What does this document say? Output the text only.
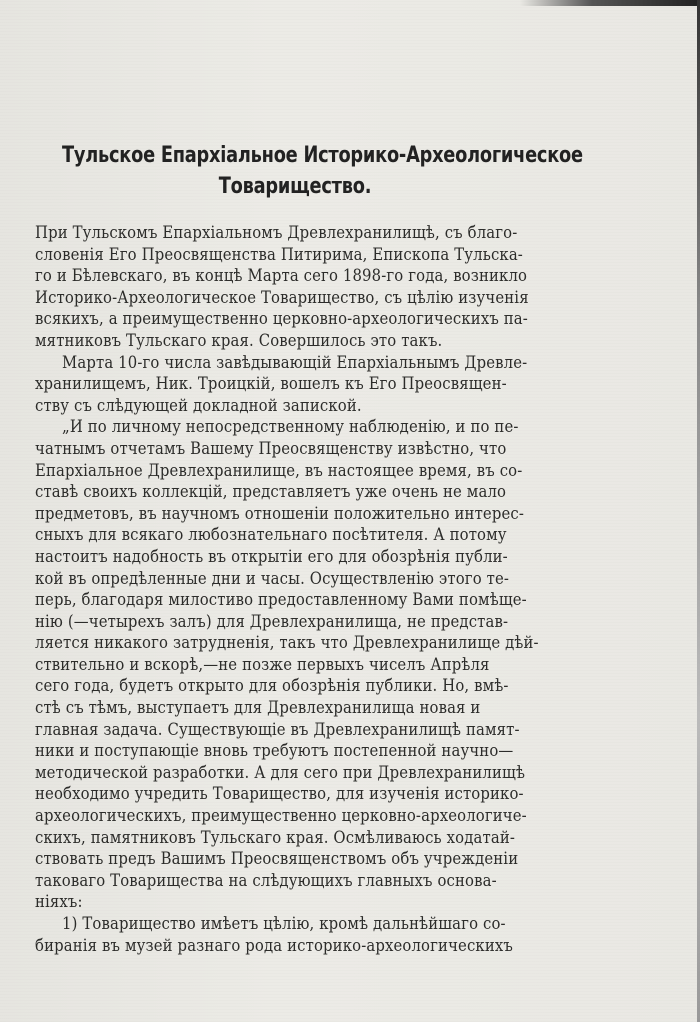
Тульское Епархіальное Историко-Археологическое
Товарищество.
При Тульскомъ Епархіальномъ Древлехранилищѣ, съ благо-
словенія Его Преосвященства Питирима, Епископа Тульска-
го и Бѣлевскаго, въ концѣ Марта сего 1898-го года, возникло
Историко-Археологическое Товарищество, съ цѣлію изученія
всякихъ, а преимущественно церковно-археологическихъ па-
мятниковъ Тульскаго края. Совершилось это такъ.
Марта 10-го числа завѣдывающій Епархіальнымъ Древле-
хранилищемъ, Ник. Троицкій, вошелъ къ Его Преосвящен-
ству съ слѣдующей докладной запиской.
„И по личному непосредственному наблюденію, и по пе-
чатнымъ отчетамъ Вашему Преосвященству извѣстно, что
Епархіальное Древлехранилище, въ настоящее время, въ со-
ставѣ своихъ коллекцій, представляетъ уже очень не мало
предметовъ, въ научномъ отношеніи положительно интерес-
сныхъ для всякаго любознательнаго посѣтителя. А потому
настоитъ надобность въ открытіи его для обозрѣнія публи-
кой въ опредѣленные дни и часы. Осуществленію этого те-
перь, благодаря милостиво предоставленному Вами помѣще-
нію (—четырехъ залъ) для Древлехранилища, не представ-
ляется никакого затрудненія, такъ что Древлехранилище дѣй-
ствительно и вскорѣ,—не позже первыхъ чиселъ Апрѣля
сего года, будетъ открыто для обозрѣнія публики. Но, вмѣ-
стѣ съ тѣмъ, выступаетъ для Древлехранилища новая и
главная задача. Существующіе въ Древлехранилищѣ памят-
ники и поступающіе вновь требуютъ постепенной научно—
методической разработки. А для сего при Древлехранилищѣ
необходимо учредить Товарищество, для изученія историко-
археологическихъ, преимущественно церковно-археологиче-
скихъ, памятниковъ Тульскаго края. Осмѣливаюсь ходатай-
ствовать предъ Вашимъ Преосвященствомъ объ учрежденіи
таковаго Товарищества на слѣдующихъ главныхъ основа-
ніяхъ:
1) Товарищество имѣетъ цѣлію, кромѣ дальнѣйшаго со-
биранія въ музей разнаго рода историко-археологическихъ
